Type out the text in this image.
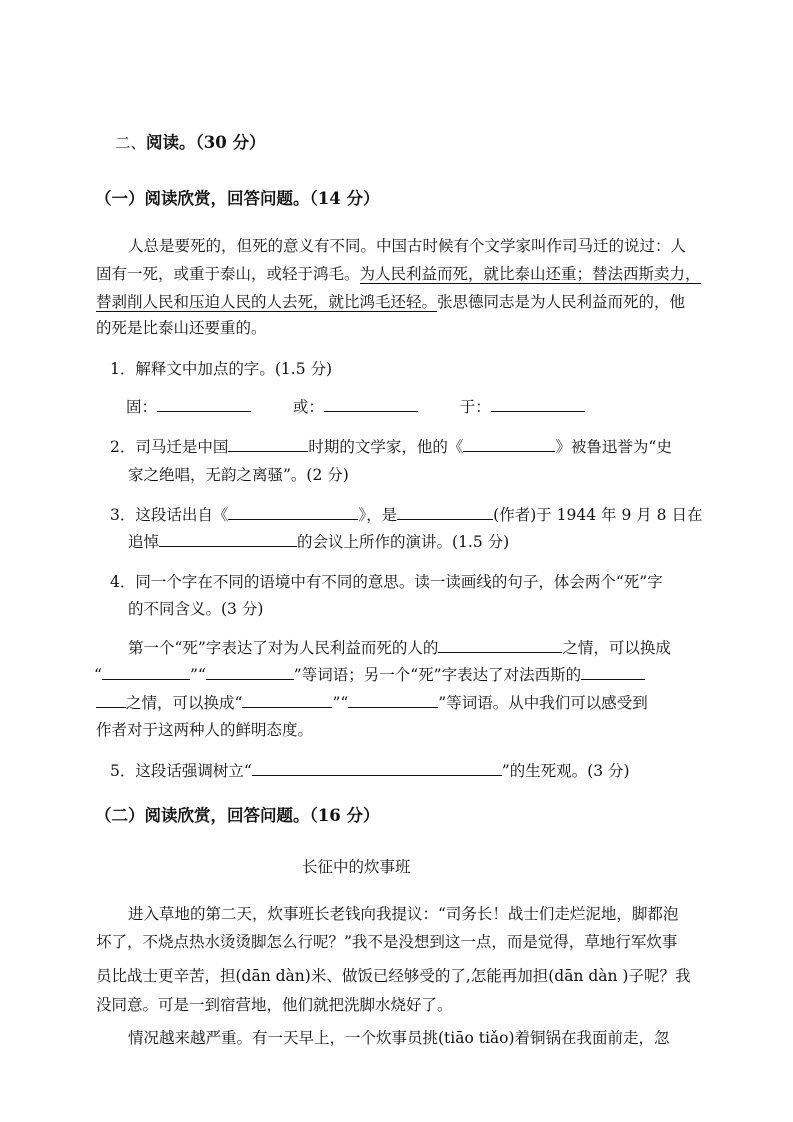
二、阅读。（30 分）
（一）阅读欣赏，回答问题。（14 分）
人总是要死的，但死的意义有不同。中国古时候有个文学家叫作司马迁的说过：人
固有一死，或重于泰山，或轻于鸿毛。为人民利益而死，就比泰山还重；替法西斯卖力，
替剥削人民和压迫人民的人去死，就比鸿毛还轻。张思德同志是为人民利益而死的，他
的死是比泰山还要重的。
1．解释文中加点的字。(1.5 分)
固：	或：	于：
2．司马迁是中国	时期的文学家，他的《	》被鲁迅誉为“史
家之绝唱，无韵之离骚”。(2 分)
3．这段话出自《	》，是	(作者)于 1944 年 9 月 8 日在
追悼	的会议上所作的演讲。(1.5 分)
4．同一个字在不同的语境中有不同的意思。读一读画线的句子，体会两个“死”字
的不同含义。(3 分)
第一个“死”字表达了对为人民利益而死的人的	之情，可以换成
“	”“	”等词语；另一个“死”字表达了对法西斯的
之情，可以换成“	”“	”等词语。从中我们可以感受到
作者对于这两种人的鲜明态度。
5．这段话强调树立“	”的生死观。(3 分)
（二）阅读欣赏，回答问题。（16 分）
长征中的炊事班
进入草地的第二天，炊事班长老钱向我提议：“司务长！战士们走烂泥地，脚都泡
坏了，不烧点热水烫烫脚怎么行呢？”我不是没想到这一点，而是觉得，草地行军炊事
员比战士更辛苦，担(dān dàn)米、做饭已经够受的了,怎能再加担(dān dàn )子呢？我
没同意。可是一到宿营地，他们就把洗脚水烧好了。
情况越来越严重。有一天早上，一个炊事员挑(tiāo tiǎo)着铜锅在我面前走，忽
